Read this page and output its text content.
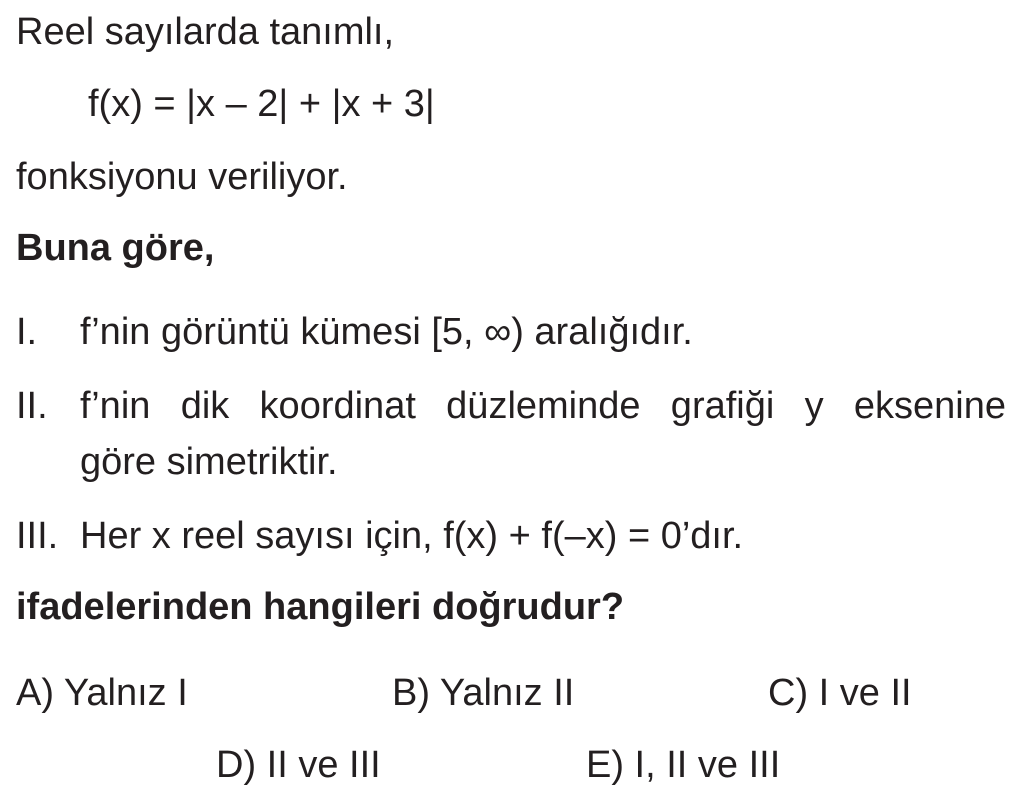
Reel sayılarda tanımlı,
f(x) = |x – 2| + |x + 3|
fonksiyonu veriliyor.
Buna göre,
I. f’nin görüntü kümesi [5, ∞) aralığıdır.
II. f’nin dik koordinat düzleminde grafiği y eksenine
göre simetriktir.
III. Her x reel sayısı için, f(x) + f(–x) = 0’dır.
ifadelerinden hangileri doğrudur?
A) Yalnız I	B) Yalnız II	C) I ve II
D) II ve III	E) I, II ve III
